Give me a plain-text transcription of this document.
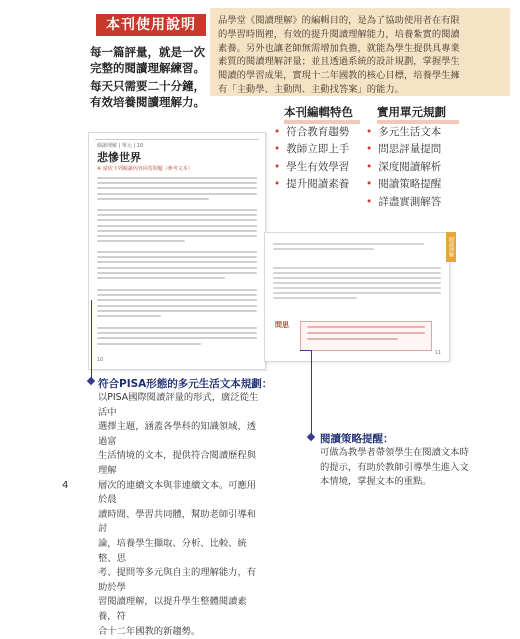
本刊使用說明
每一篇評量，就是一次
完整的閱讀理解練習。
每天只需要二十分鐘，
有效培養閱讀理解力。
品學堂《閱讀理解》的編輯目的，是為了協助使用者在有限
的學習時間裡，有效的提升閱讀理解能力，培養紮實的閱讀
素養。另外也讓老師無需增加負擔，就能為學生提供具專業
素質的閱讀理解評量；並且透過系統的設計規劃，掌握學生
閱讀的學習成果，實現十二年國教的核心目標，培養學生擁
有「主動學、主動問、主動找答案」的能力。
本刊編輯特色 實用單元規劃
• 符合教育趨勢
• 教師立即上手
• 學生有效學習
• 提升閱讀素養
• 多元生活文本
• 問思評量提問
• 深度閱讀解析
• 閱讀策略提醒
• 詳盡實測解答
閱讀理解 | 單元 | 10
悲慘世界
※ 請依下列閱讀內容回答問題（參考文本）
10
11
閱讀理解
問思
符合PISA形態的多元生活文本規劃：
以PISA國際閱讀評量的形式，廣泛從生活中
選擇主題，涵蓋各學科的知識領域，透過富
生活情境的文本，提供符合閱讀歷程與理解
層次的連續文本與非連續文本。可應用於晨
讀時間、學習共同體，幫助老師引導和討
論，培養學生擷取、分析、比較、統整、思
考、提問等多元與自主的理解能力，有助於學
習閱讀理解，以提升學生整體閱讀素養，符
合十二年國教的新趨勢。
閱讀策略提醒：
可做為教學者帶領學生在閱讀文本時
的提示，有助於教師引導學生進入文
本情境，掌握文本的重點。
4
